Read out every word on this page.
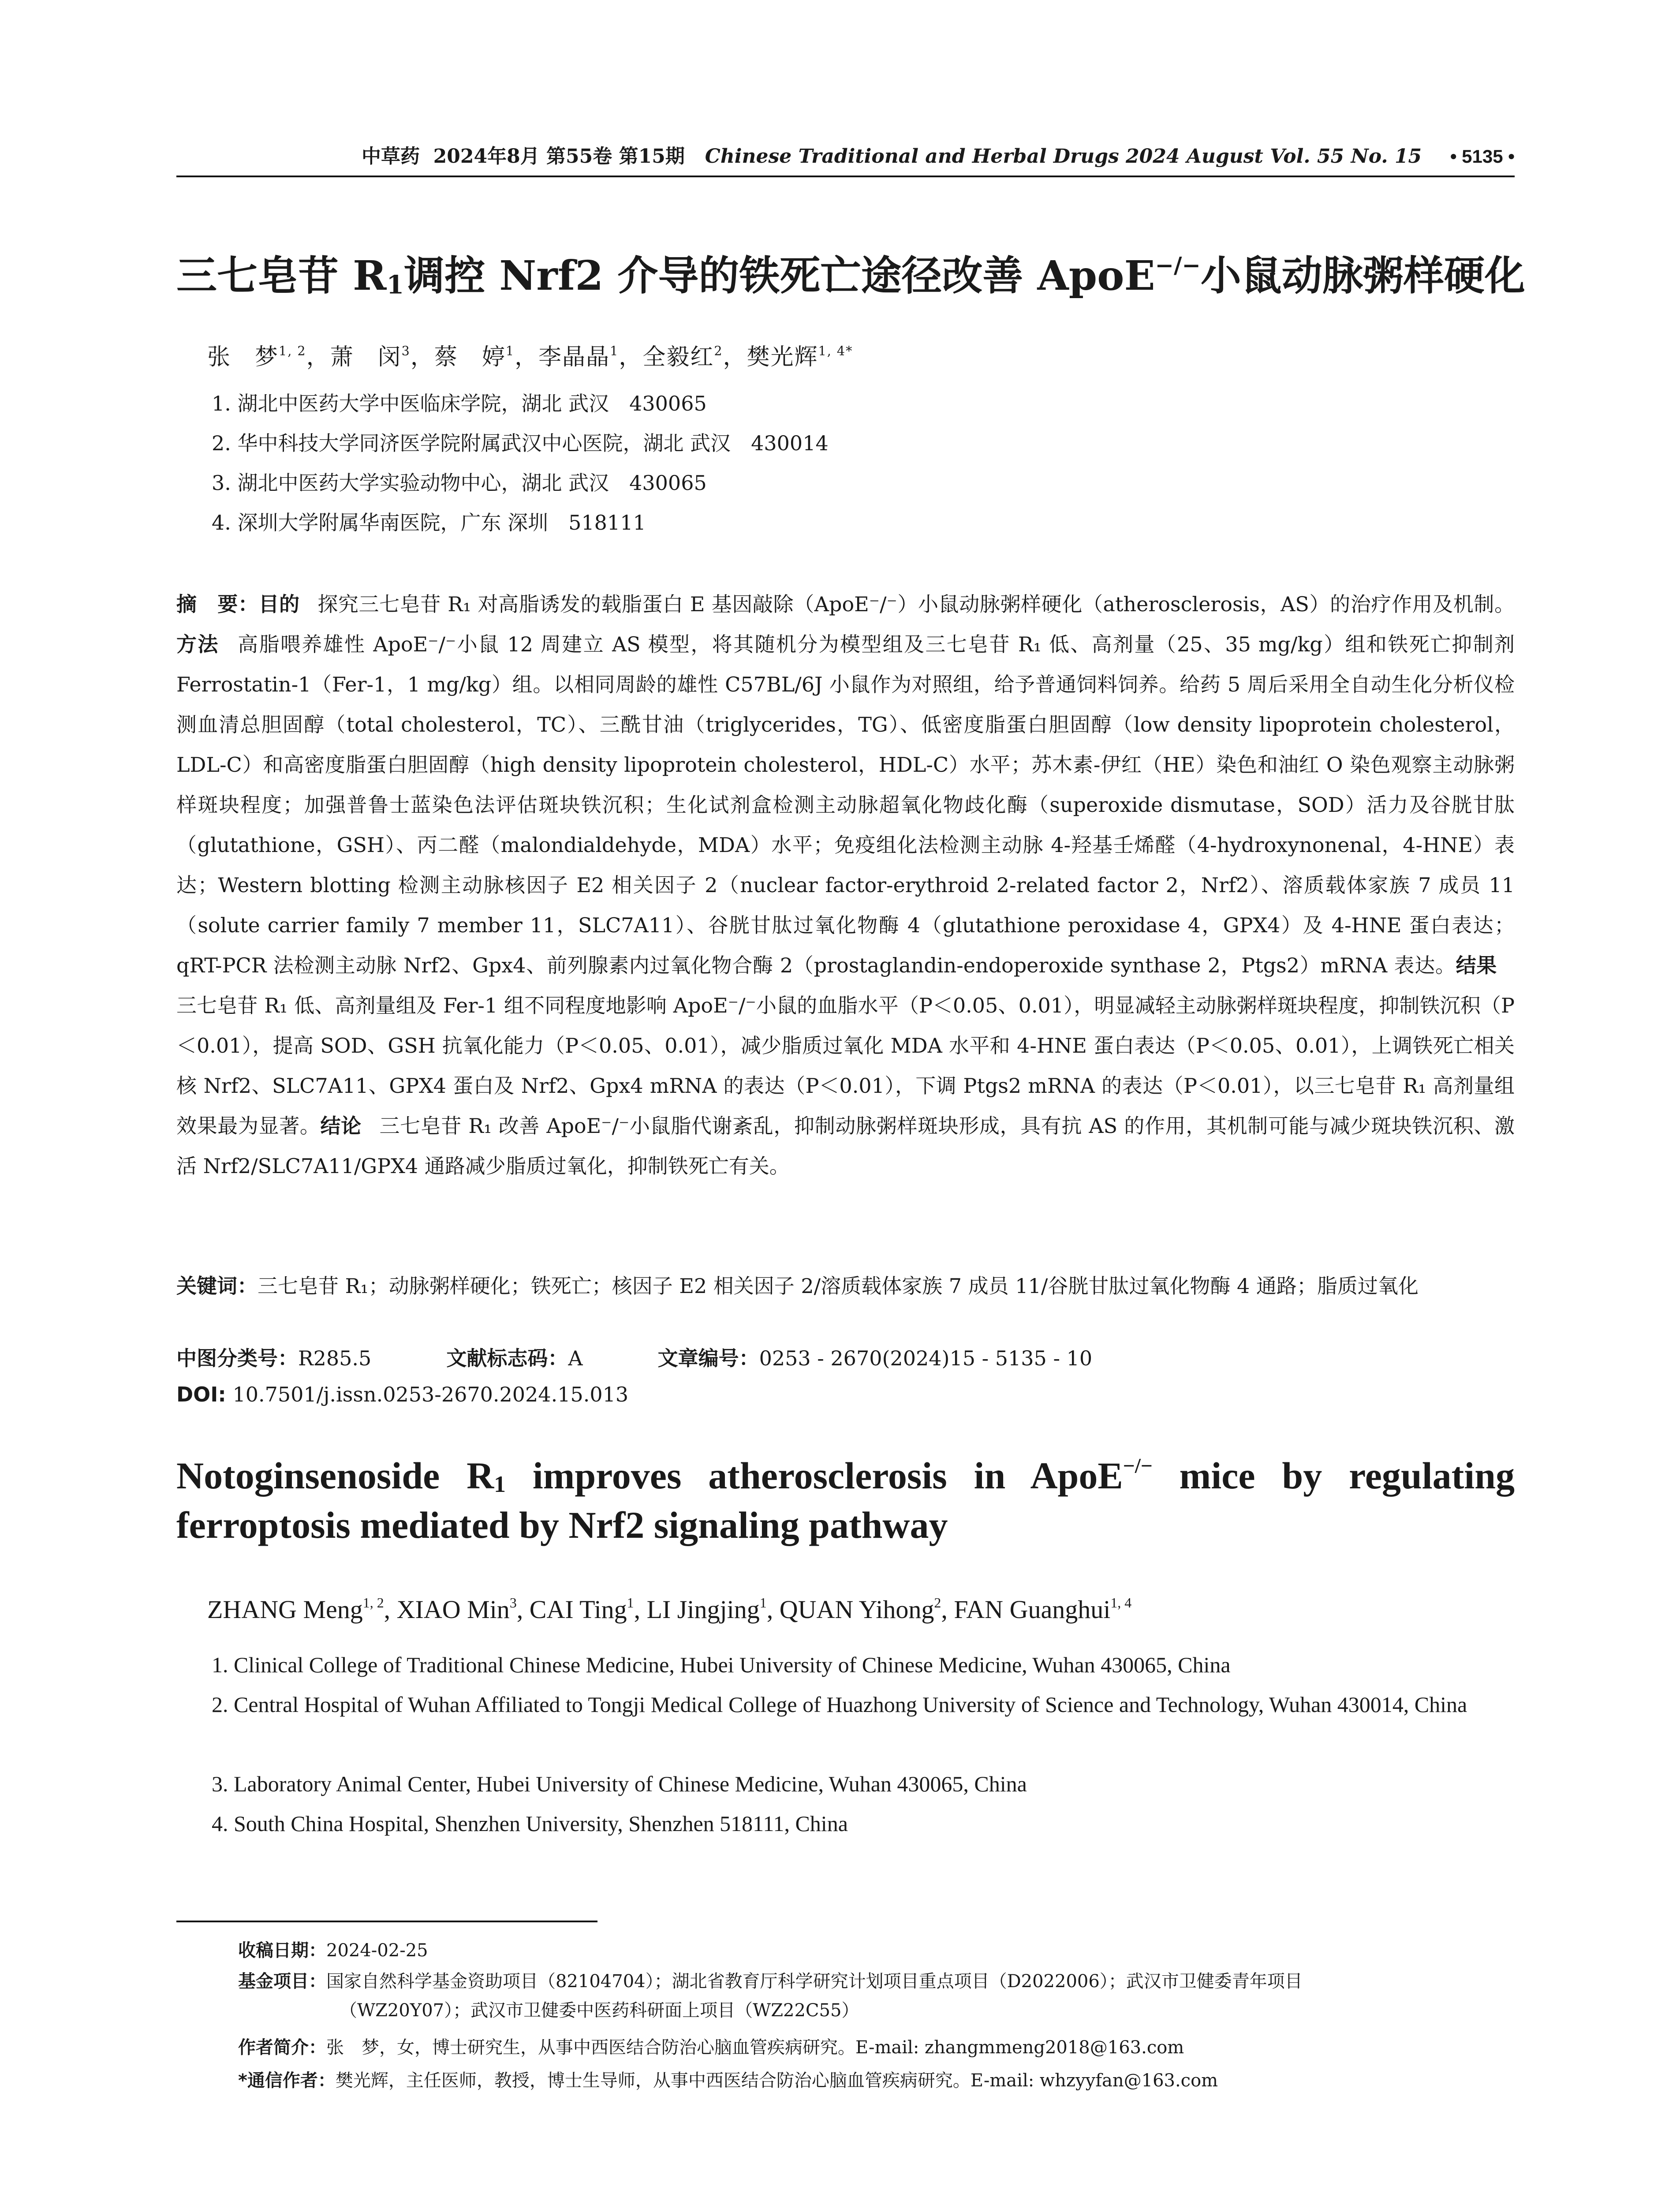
中草药 2024年8月 第55卷 第15期 Chinese Traditional and Herbal Drugs 2024 August Vol. 55 No. 15 • 5135 •
三七皂苷 $R_1$调控 Nrf2 介导的铁死亡途径改善 ApoE−/−小鼠动脉粥样硬化
张　梦$^{1, 2}$，萧　闵$^3$，蔡　婷$^1$，李晶晶$^1$，全毅红$^2$，樊光辉$^{1, 4*}$
1. 湖北中医药大学中医临床学院，湖北 武汉　430065
2. 华中科技大学同济医学院附属武汉中心医院，湖北 武汉　430014
3. 湖北中医药大学实验动物中心，湖北 武汉　430065
4. 深圳大学附属华南医院，广东 深圳　518111
摘　要：目的 探究三七皂苷 R₁ 对高脂诱发的载脂蛋白 E 基因敲除（ApoE⁻/⁻）小鼠动脉粥样硬化（atherosclerosis，AS）的治疗作用及机制。方法 高脂喂养雄性 ApoE⁻/⁻小鼠 12 周建立 AS 模型，将其随机分为模型组及三七皂苷 R₁ 低、高剂量（25、35 mg/kg）组和铁死亡抑制剂 Ferrostatin-1（Fer-1，1 mg/kg）组。以相同周龄的雄性 C57BL/6J 小鼠作为对照组，给予普通饲料饲养。给药 5 周后采用全自动生化分析仪检测血清总胆固醇（total cholesterol，TC）、三酰甘油（triglycerides，TG）、低密度脂蛋白胆固醇（low density lipoprotein cholesterol，LDL-C）和高密度脂蛋白胆固醇（high density lipoprotein cholesterol，HDL-C）水平；苏木素-伊红（HE）染色和油红 O 染色观察主动脉粥样斑块程度；加强普鲁士蓝染色法评估斑块铁沉积；生化试剂盒检测主动脉超氧化物歧化酶（superoxide dismutase，SOD）活力及谷胱甘肽（glutathione，GSH）、丙二醛（malondialdehyde，MDA）水平；免疫组化法检测主动脉 4-羟基壬烯醛（4-hydroxynonenal，4-HNE）表达；Western blotting 检测主动脉核因子 E2 相关因子 2（nuclear factor-erythroid 2-related factor 2，Nrf2）、溶质载体家族 7 成员 11（solute carrier family 7 member 11，SLC7A11）、谷胱甘肽过氧化物酶 4（glutathione peroxidase 4，GPX4）及 4-HNE 蛋白表达；qRT-PCR 法检测主动脉 Nrf2、Gpx4、前列腺素内过氧化物合酶 2（prostaglandin-endoperoxide synthase 2，Ptgs2）mRNA 表达。结果三七皂苷 R₁ 低、高剂量组及 Fer-1 组不同程度地影响 ApoE⁻/⁻小鼠的血脂水平（P＜0.05、0.01），明显减轻主动脉粥样斑块程度，抑制铁沉积（P＜0.01），提高 SOD、GSH 抗氧化能力（P＜0.05、0.01），减少脂质过氧化 MDA 水平和 4-HNE 蛋白表达（P＜0.05、0.01），上调铁死亡相关核 Nrf2、SLC7A11、GPX4 蛋白及 Nrf2、Gpx4 mRNA 的表达（P＜0.01），下调 Ptgs2 mRNA 的表达（P＜0.01），以三七皂苷 R₁ 高剂量组效果最为显著。结论 三七皂苷 R₁ 改善 ApoE⁻/⁻小鼠脂代谢紊乱，抑制动脉粥样斑块形成，具有抗 AS 的作用，其机制可能与减少斑块铁沉积、激活 Nrf2/SLC7A11/GPX4 通路减少脂质过氧化，抑制铁死亡有关。
关键词：三七皂苷 R₁；动脉粥样硬化；铁死亡；核因子 E2 相关因子 2/溶质载体家族 7 成员 11/谷胱甘肽过氧化物酶 4 通路；脂质过氧化
中图分类号：R285.5	文献标志码：A	文章编号：0253 - 2670(2024)15 - 5135 - 10
DOI: 10.7501/j.issn.0253-2670.2024.15.013
Notoginsenoside $R_1$ improves atherosclerosis in ApoE−/− mice by regulating ferroptosis mediated by Nrf2 signaling pathway
ZHANG Meng$^{1, 2}$, XIAO Min$^3$, CAI Ting$^1$, LI Jingjing$^1$, QUAN Yihong$^2$, FAN Guanghui$^{1, 4}$
1. Clinical College of Traditional Chinese Medicine, Hubei University of Chinese Medicine, Wuhan 430065, China
2. Central Hospital of Wuhan Affiliated to Tongji Medical College of Huazhong University of Science and Technology, Wuhan 430014, China
3. Laboratory Animal Center, Hubei University of Chinese Medicine, Wuhan 430065, China
4. South China Hospital, Shenzhen University, Shenzhen 518111, China
收稿日期：2024-02-25
基金项目：国家自然科学基金资助项目（82104704）；湖北省教育厅科学研究计划项目重点项目（D2022006）；武汉市卫健委青年项目
（WZ20Y07）；武汉市卫健委中医药科研面上项目（WZ22C55）
作者简介：张　梦，女，博士研究生，从事中西医结合防治心脑血管疾病研究。E-mail: zhangmmeng2018@163.com
*通信作者：樊光辉，主任医师，教授，博士生导师，从事中西医结合防治心脑血管疾病研究。E-mail: whzyyfan@163.com
